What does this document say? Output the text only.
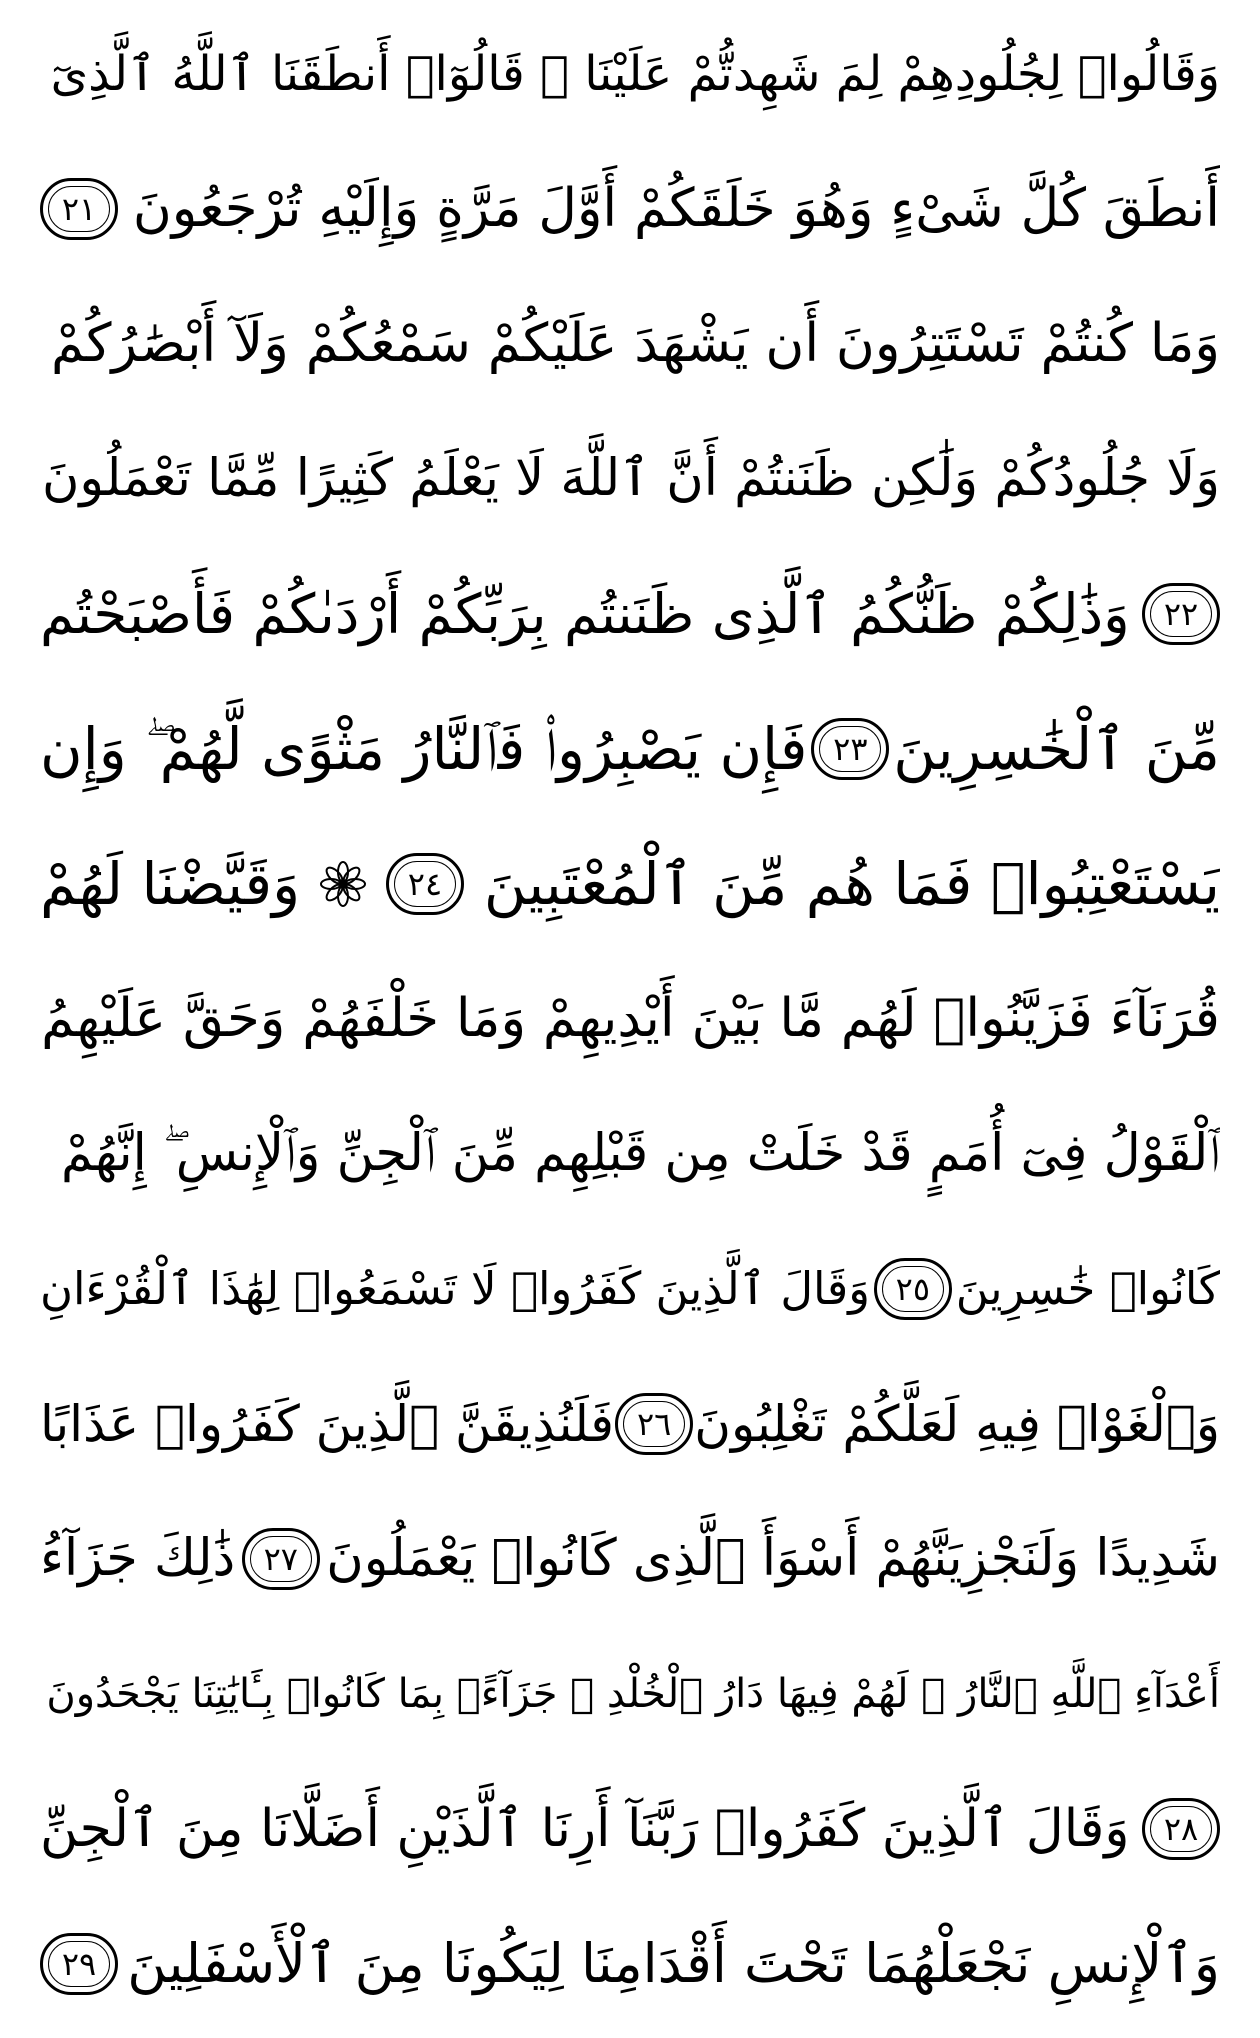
وَقَالُوا۟ لِجُلُودِهِمْ لِمَ شَهِدتُّمْ عَلَيْنَا ۖ قَالُوٓا۟ أَنطَقَنَا ٱللَّهُ ٱلَّذِىٓ
أَنطَقَ كُلَّ شَىْءٍ وَهُوَ خَلَقَكُمْ أَوَّلَ مَرَّةٍ وَإِلَيْهِ تُرْجَعُونَ
٢١
وَمَا كُنتُمْ تَسْتَتِرُونَ أَن يَشْهَدَ عَلَيْكُمْ سَمْعُكُمْ وَلَآ أَبْصَٰرُكُمْ
وَلَا جُلُودُكُمْ وَلَٰكِن ظَنَنتُمْ أَنَّ ٱللَّهَ لَا يَعْلَمُ كَثِيرًا مِّمَّا تَعْمَلُونَ
٢٢
وَذَٰلِكُمْ ظَنُّكُمُ ٱلَّذِى ظَنَنتُم بِرَبِّكُمْ أَرْدَىٰكُمْ فَأَصْبَحْتُم
مِّنَ ٱلْخَٰسِرِينَ
٢٣
فَإِن يَصْبِرُوا۟ فَٱلنَّارُ مَثْوًى لَّهُمْ ۖ وَإِن
يَسْتَعْتِبُوا۟ فَمَا هُم مِّنَ ٱلْمُعْتَبِينَ
٢٤
وَقَيَّضْنَا لَهُمْ
قُرَنَآءَ فَزَيَّنُوا۟ لَهُم مَّا بَيْنَ أَيْدِيهِمْ وَمَا خَلْفَهُمْ وَحَقَّ عَلَيْهِمُ
ٱلْقَوْلُ فِىٓ أُمَمٍ قَدْ خَلَتْ مِن قَبْلِهِم مِّنَ ٱلْجِنِّ وَٱلْإِنسِ ۖ إِنَّهُمْ
كَانُوا۟ خَٰسِرِينَ
٢٥
وَقَالَ ٱلَّذِينَ كَفَرُوا۟ لَا تَسْمَعُوا۟ لِهَٰذَا ٱلْقُرْءَانِ
وَٱلْغَوْا۟ فِيهِ لَعَلَّكُمْ تَغْلِبُونَ
٢٦
فَلَنُذِيقَنَّ ٱلَّذِينَ كَفَرُوا۟ عَذَابًا
شَدِيدًا وَلَنَجْزِيَنَّهُمْ أَسْوَأَ ٱلَّذِى كَانُوا۟ يَعْمَلُونَ
٢٧
ذَٰلِكَ جَزَآءُ
أَعْدَآءِ ٱللَّهِ ٱلنَّارُ ۖ لَهُمْ فِيهَا دَارُ ٱلْخُلْدِ ۖ جَزَآءًۢ بِمَا كَانُوا۟ بِـَٔايَٰتِنَا يَجْحَدُونَ
٢٨
وَقَالَ ٱلَّذِينَ كَفَرُوا۟ رَبَّنَآ أَرِنَا ٱلَّذَيْنِ أَضَلَّانَا مِنَ ٱلْجِنِّ
وَٱلْإِنسِ نَجْعَلْهُمَا تَحْتَ أَقْدَامِنَا لِيَكُونَا مِنَ ٱلْأَسْفَلِينَ
٢٩
